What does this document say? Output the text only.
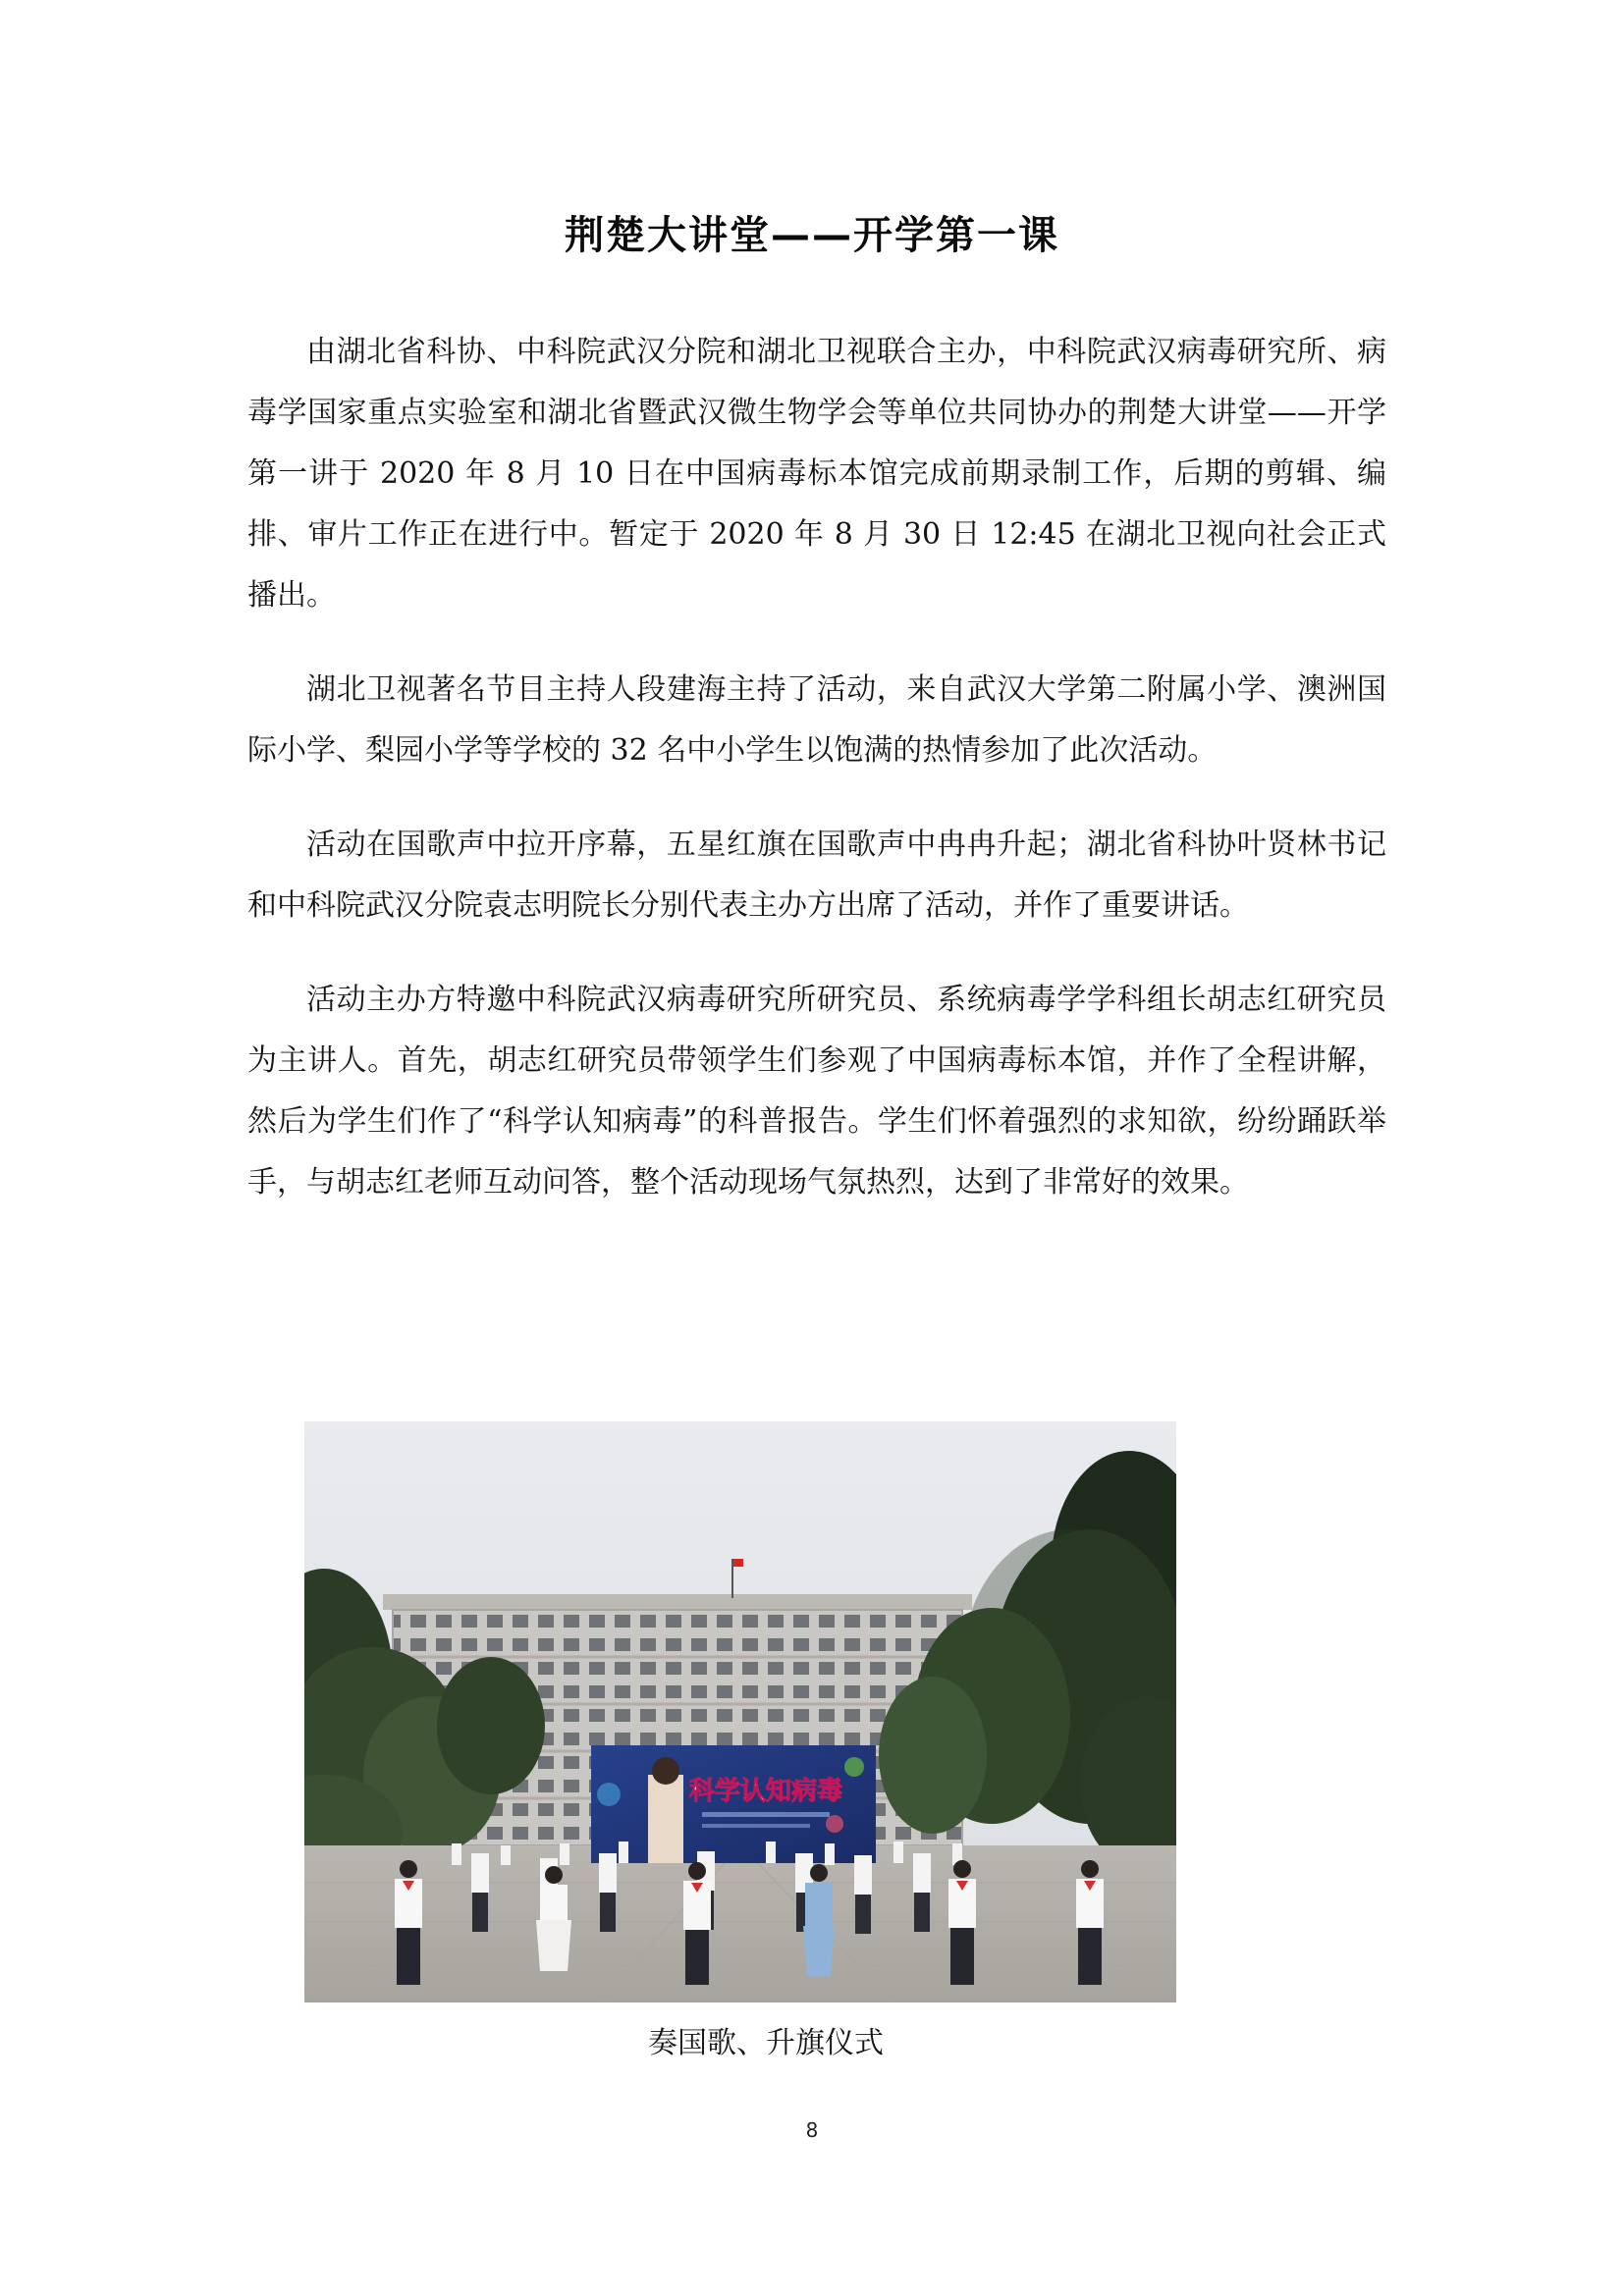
荆楚大讲堂——开学第一课

由湖北省科协、中科院武汉分院和湖北卫视联合主办，中科院武汉病毒研究所、病毒学国家重点实验室和湖北省暨武汉微生物学会等单位共同协办的荆楚大讲堂——开学第一讲于 2020 年 8 月 10 日在中国病毒标本馆完成前期录制工作，后期的剪辑、编排、审片工作正在进行中。暂定于 2020 年 8 月 30 日 12:45 在湖北卫视向社会正式播出。

湖北卫视著名节目主持人段建海主持了活动，来自武汉大学第二附属小学、澳洲国际小学、梨园小学等学校的 32 名中小学生以饱满的热情参加了此次活动。

活动在国歌声中拉开序幕，五星红旗在国歌声中冉冉升起；湖北省科协叶贤林书记和中科院武汉分院袁志明院长分别代表主办方出席了活动，并作了重要讲话。

活动主办方特邀中科院武汉病毒研究所研究员、系统病毒学学科组长胡志红研究员为主讲人。首先，胡志红研究员带领学生们参观了中国病毒标本馆，并作了全程讲解，然后为学生们作了“科学认知病毒”的科普报告。学生们怀着强烈的求知欲，纷纷踊跃举手，与胡志红老师互动问答，整个活动现场气氛热烈，达到了非常好的效果。

科学认知病毒
奏国歌、升旗仪式
8
